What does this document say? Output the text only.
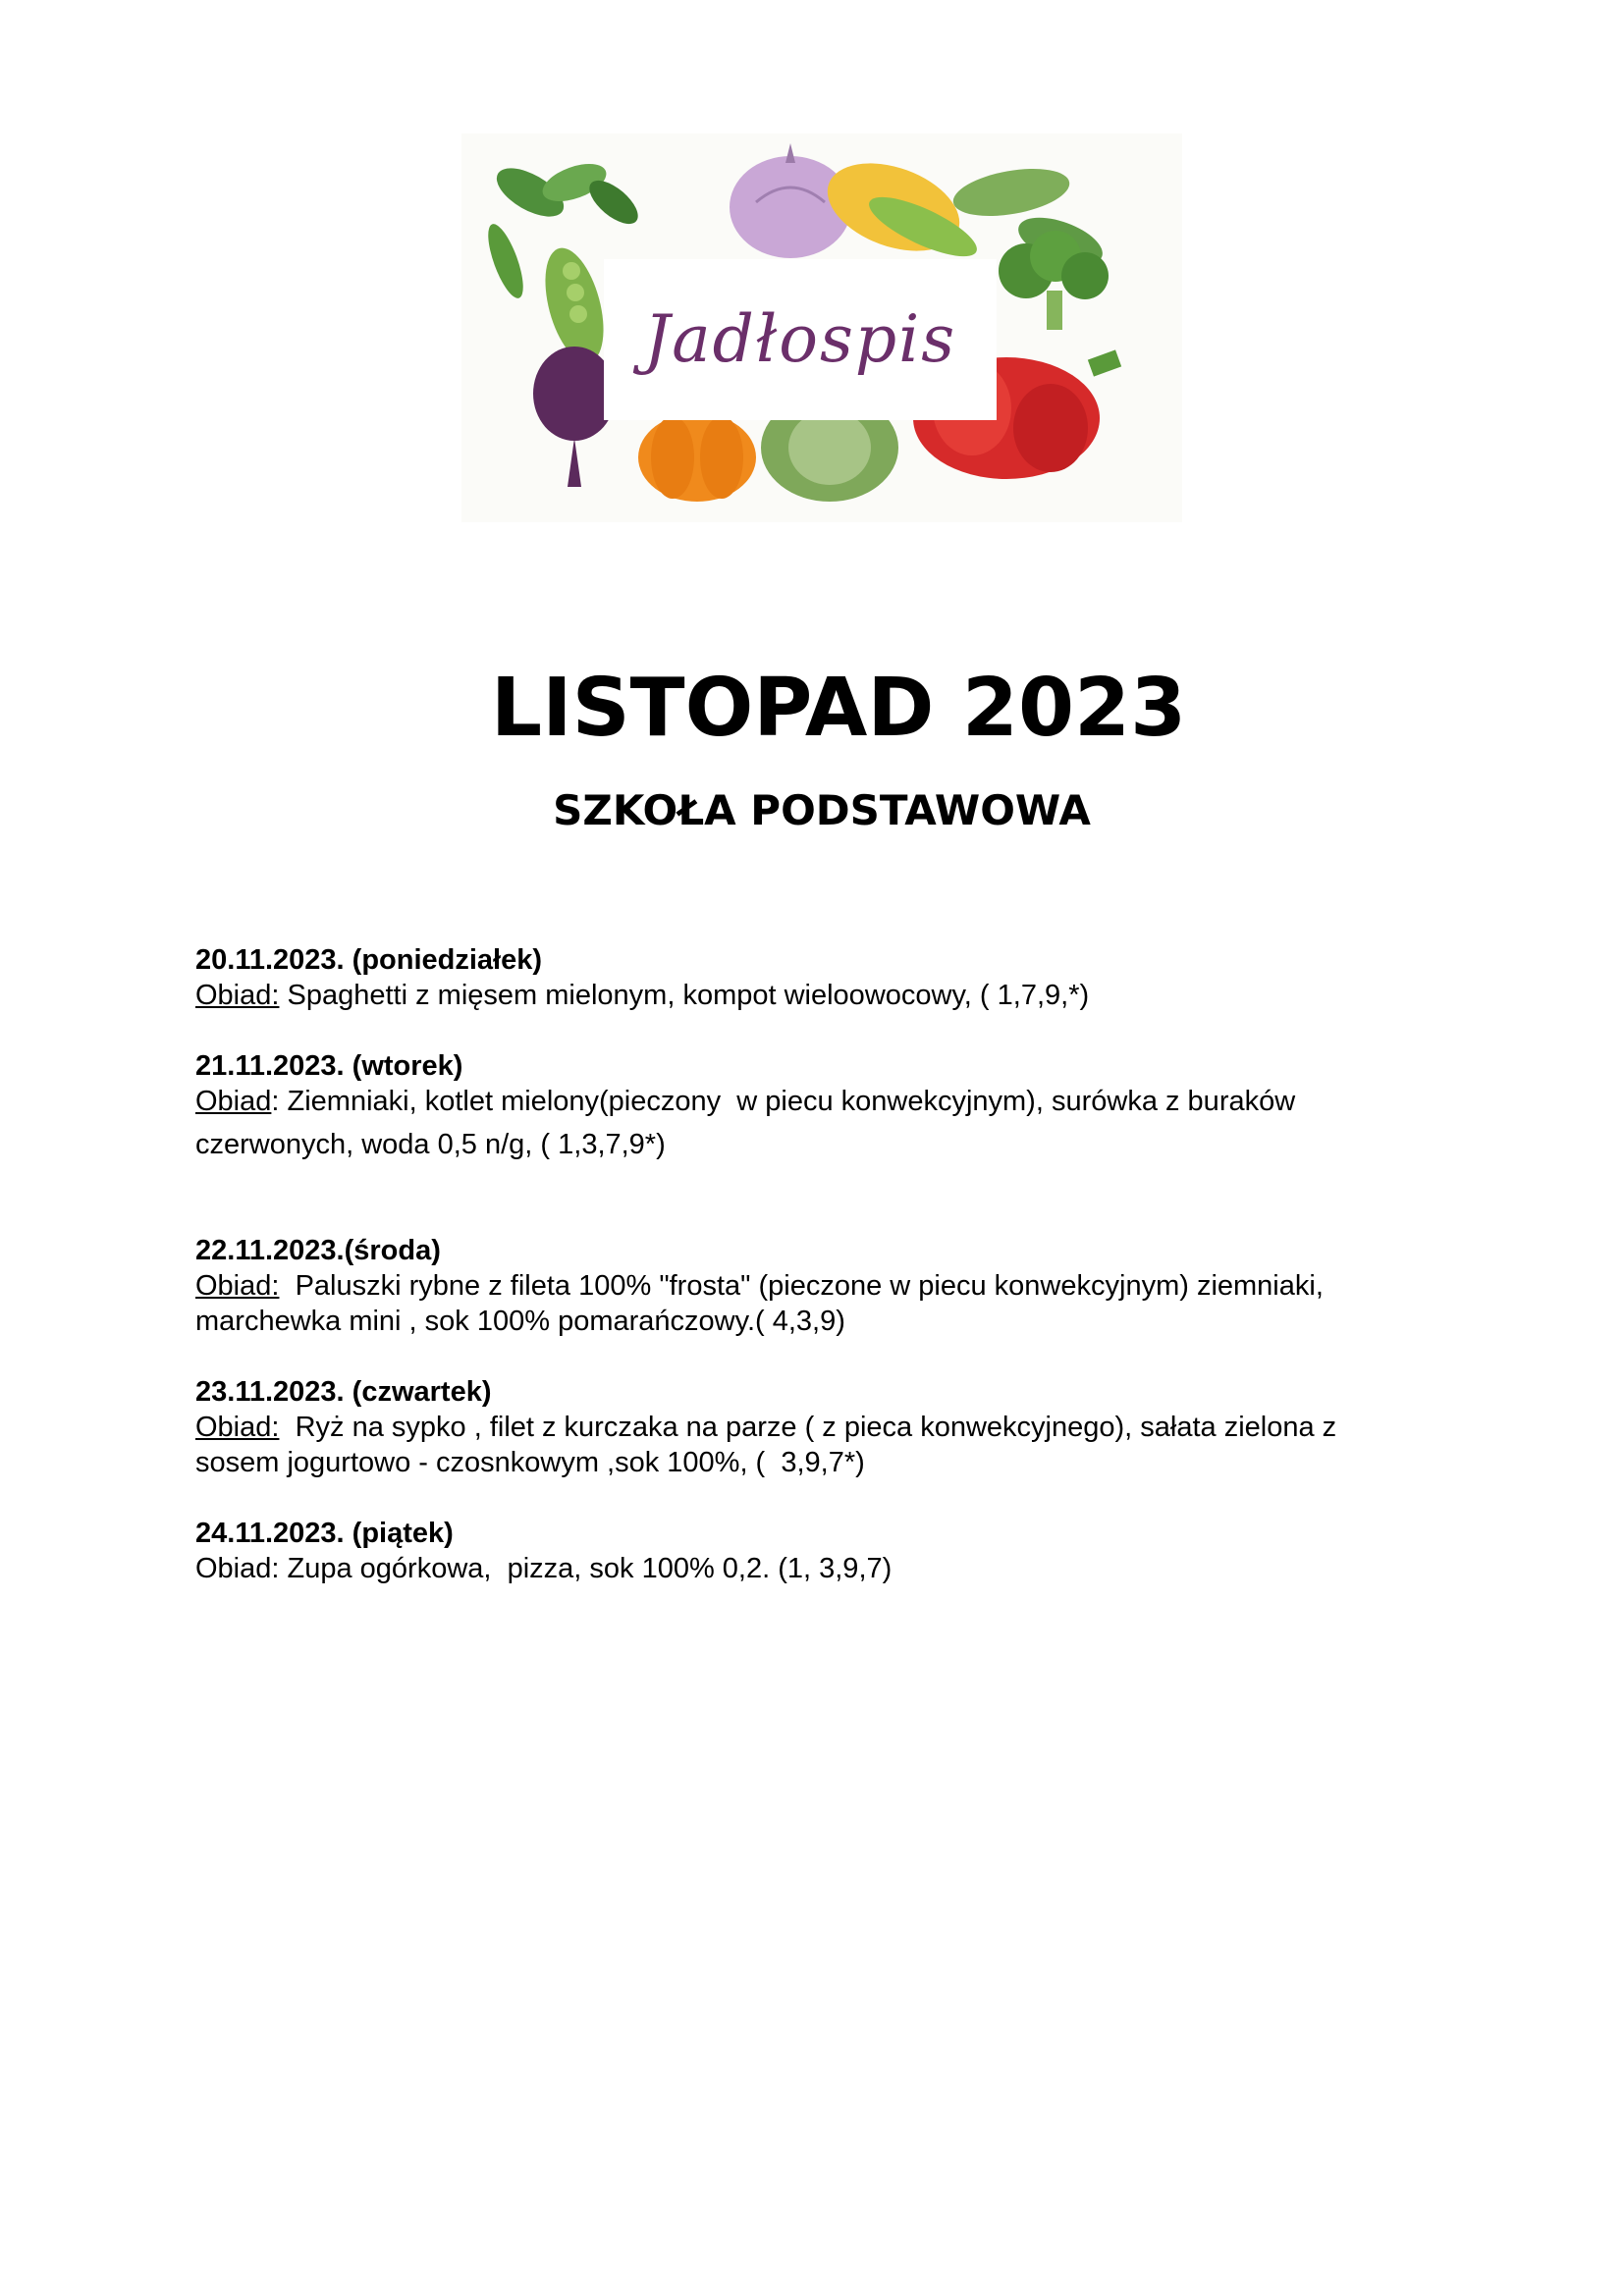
Jadłospis
LISTOPAD 2023
SZKOŁA PODSTAWOWA
20.11.2023. (poniedziałek)
Obiad: Spaghetti z mięsem mielonym, kompot wieloowocowy, ( 1,7,9,*)
21.11.2023. (wtorek)
Obiad: Ziemniaki, kotlet mielony(pieczony  w piecu konwekcyjnym), surówka z buraków
czerwonych, woda 0,5 n/g, ( 1,3,7,9*)
22.11.2023.(środa)
Obiad:  Paluszki rybne z fileta 100% "frosta" (pieczone w piecu konwekcyjnym) ziemniaki,
marchewka mini , sok 100% pomarańczowy.( 4,3,9)
23.11.2023. (czwartek)
Obiad:  Ryż na sypko , filet z kurczaka na parze ( z pieca konwekcyjnego), sałata zielona z
sosem jogurtowo - czosnkowym ,sok 100%, (  3,9,7*)
24.11.2023. (piątek)
Obiad: Zupa ogórkowa,  pizza, sok 100% 0,2. (1, 3,9,7)
